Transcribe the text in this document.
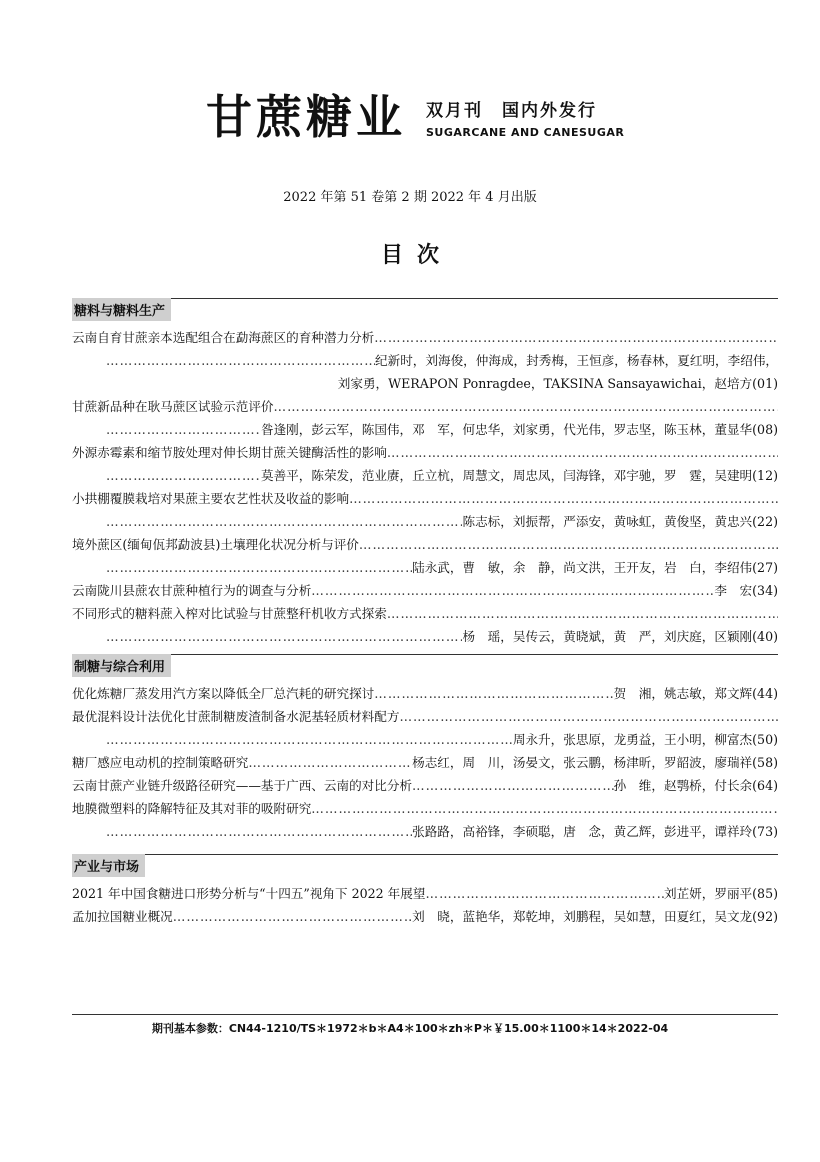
甘蔗糖业 双月刊　国内外发行
SUGARCANE AND CANESUGAR
2022 年第 51 卷第 2 期 2022 年 4 月出版
目次
糖料与糖料生产
云南自育甘蔗亲本选配组合在勐海蔗区的育种潜力分析
……………………………………………………………………………………………………………………………………………………………………………………………
……………………………………………………………………………………………………………………………………………………………………………………………
纪新时，刘海俊，仲海成，封秀梅，王恒彦，杨春林，夏红明，李绍伟，
刘家勇，WERAPON Ponragdee，TAKSINA Sansayawichai，赵培方 (01)
甘蔗新品种在耿马蔗区试验示范评价
……………………………………………………………………………………………………………………………………………………………………………………………
……………………………………………………………………………………………………………………………………………………………………………………………
昝逢刚，彭云军，陈国伟，邓　军，何忠华，刘家勇，代光伟，罗志坚，陈玉林，董显华 (08)
外源赤霉素和缩节胺处理对伸长期甘蔗关键酶活性的影响
……………………………………………………………………………………………………………………………………………………………………………………………
……………………………………………………………………………………………………………………………………………………………………………………………
莫善平，陈荣发，范业赓，丘立杭，周慧文，周忠凤，闫海锋，邓宇驰，罗　霆，吴建明 (12)
小拱棚覆膜栽培对果蔗主要农艺性状及收益的影响
……………………………………………………………………………………………………………………………………………………………………………………………
……………………………………………………………………………………………………………………………………………………………………………………………
陈志标，刘振帮，严添安，黄咏虹，黄俊坚，黄忠兴 (22)
境外蔗区(缅甸佤邦勐波县)土壤理化状况分析与评价
……………………………………………………………………………………………………………………………………………………………………………………………
……………………………………………………………………………………………………………………………………………………………………………………………
陆永武，曹　敏，余　静，尚文洪，王开友，岩　白，李绍伟 (27)
云南陇川县蔗农甘蔗种植行为的调查与分析 ……………………………………………………………………………………………………………………………………………………………………………………………	李　宏 (34)
不同形式的糖料蔗入榨对比试验与甘蔗整秆机收方式探索
……………………………………………………………………………………………………………………………………………………………………………………………
……………………………………………………………………………………………………………………………………………………………………………………………
杨　瑶，吴传云，黄晓斌，黄　严，刘庆庭，区颖刚 (40)
制糖与综合利用
优化炼糖厂蒸发用汽方案以降低全厂总汽耗的研究探讨 ……………………………………………………………………………………………………………………………………………………………………………………………	贺　湘，姚志敏，郑文辉 (44)
最优混料设计法优化甘蔗制糖废渣制备水泥基轻质材料配方
……………………………………………………………………………………………………………………………………………………………………………………………
……………………………………………………………………………………………………………………………………………………………………………………………
周永升，张思原，龙勇益，王小明，柳富杰 (50)
糖厂感应电动机的控制策略研究 ……………………………………………………………………………………………………………………………………………………………………………………………	杨志红，周　川，汤晏文，张云鹏，杨津昕，罗韶波，廖瑞祥 (58)
云南甘蔗产业链升级路径研究——基于广西、云南的对比分析 ……………………………………………………………………………………………………………………………………………………………………………………………	孙　维，赵鹗桥，付长余 (64)
地膜微塑料的降解特征及其对菲的吸附研究
……………………………………………………………………………………………………………………………………………………………………………………………
……………………………………………………………………………………………………………………………………………………………………………………………
张路路，高裕锋，李硕聪，唐　念，黄乙辉，彭进平，谭祥玲 (73)
产业与市场
2021 年中国食糖进口形势分析与“十四五”视角下 2022 年展望 ……………………………………………………………………………………………………………………………………………………………………………………………	刘芷妍，罗丽平 (85)
孟加拉国糖业概况 ……………………………………………………………………………………………………………………………………………………………………………………………	刘　晓，蓝艳华，郑乾坤，刘鹏程，吴如慧，田夏红，吴文龙 (92)
期刊基本参数：CN44-1210/TS＊1972＊b＊A4＊100＊zh＊P＊￥15.00＊1100＊14＊2022-04
